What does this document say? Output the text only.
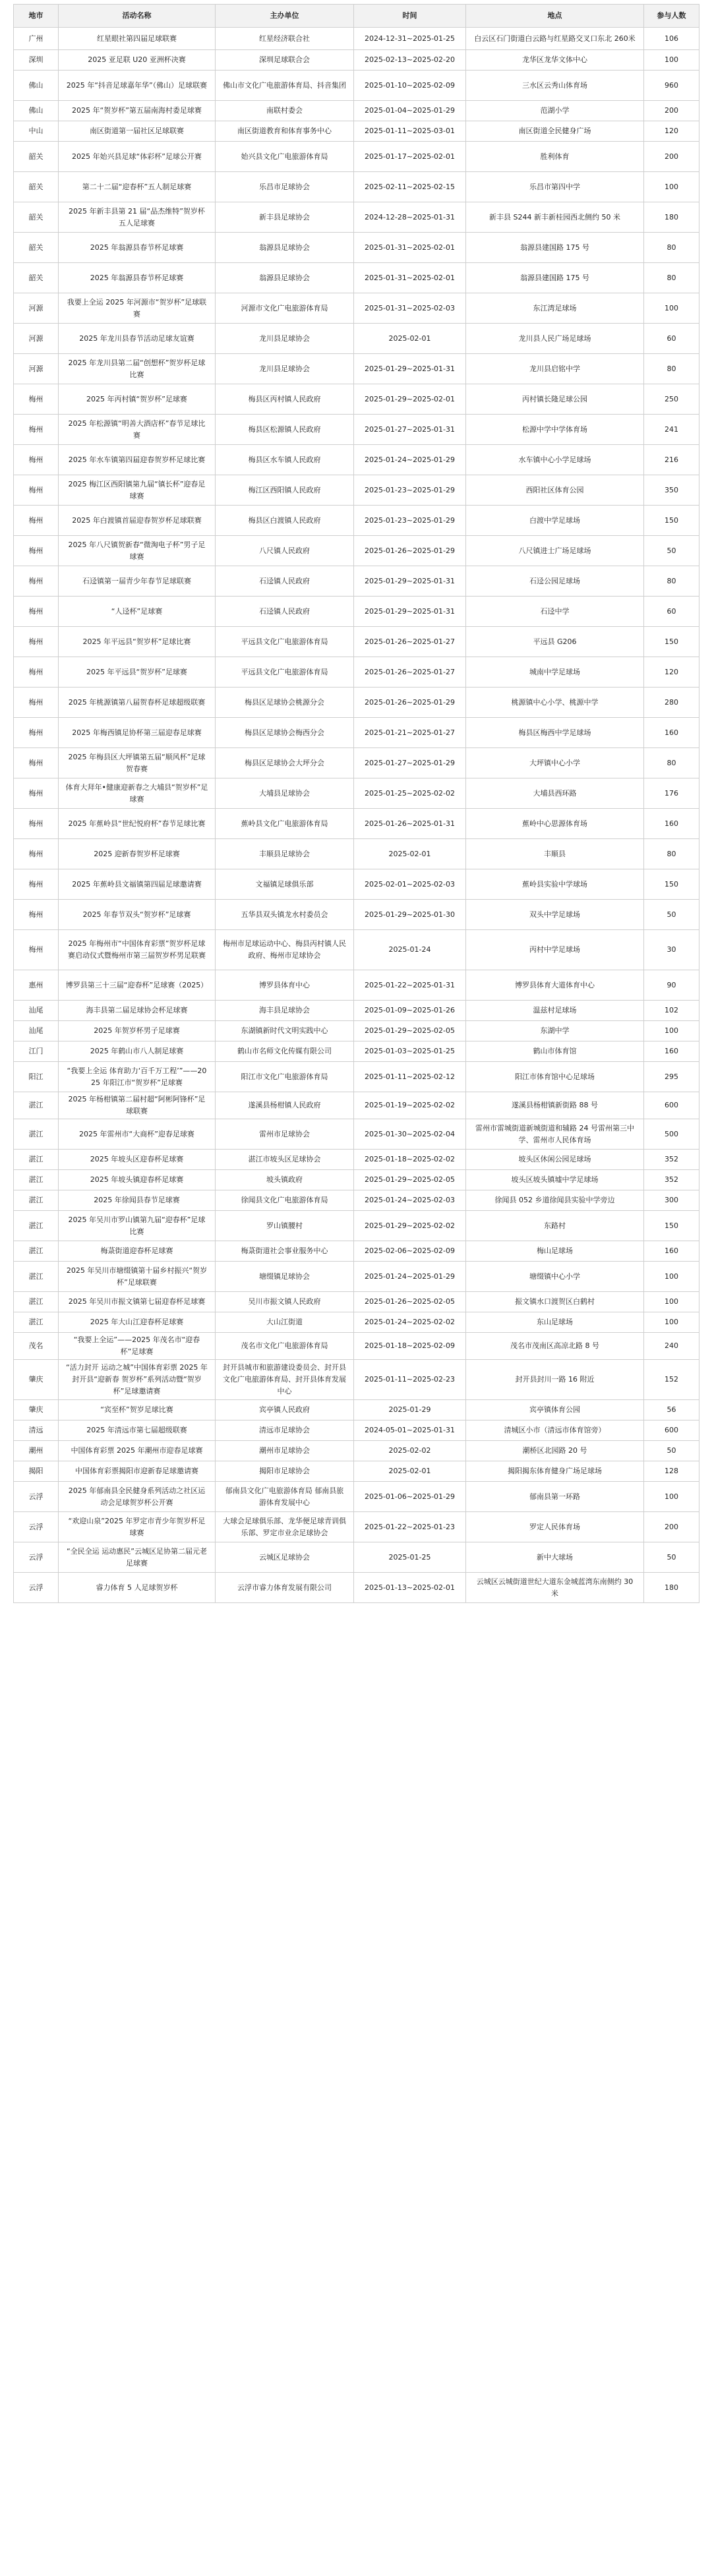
地市	活动名称	主办单位	时间	地点	参与人数
广州	红星眼社第四届足球联赛	红星经济联合社	2024-12-31~2025-01-25	白云区石门街道白云路与红星路交叉口东北 260米	106
深圳	2025 亚足联 U20 亚洲杯决赛	深圳足球联合会	2025-02-13~2025-02-20	龙华区龙华文体中心	100
佛山	2025 年“抖音足球嘉年华”（佛山）足球联赛	佛山市文化广电旅游体育局、抖音集团	2025-01-10~2025-02-09	三水区云秀山体育场	960
佛山	2025 年“贺岁杯”第五届南海村委足球赛	南联村委会	2025-01-04~2025-01-29	范湖小学	200
中山	南区街道第一届社区足球联赛	南区街道教育和体育事务中心	2025-01-11~2025-03-01	南区街道全民健身广场	120
韶关	2025 年始兴县足球“体彩杯”足球公开赛	始兴县文化广电旅游体育局	2025-01-17~2025-02-01	胜利体育	200
韶关	第二十二届“迎春杯”五人制足球赛	乐昌市足球协会	2025-02-11~2025-02-15	乐昌市第四中学	100
韶关	2025 年新丰县第 21 届“品杰维特”贺岁杯五人足球赛	新丰县足球协会	2024-12-28~2025-01-31	新丰县 S244 新丰新桂园西北侧约 50 米	180
韶关	2025 年翁源县春节杯足球赛	翁源县足球协会	2025-01-31~2025-02-01	翁源县建国路 175 号	80
韶关	2025 年翁源县春节杯足球赛	翁源县足球协会	2025-01-31~2025-02-01	翁源县建国路 175 号	80
河源	我要上全运 2025 年河源市“贺岁杯”足球联赛	河源市文化广电旅游体育局	2025-01-31~2025-02-03	东江湾足球场	100
河源	2025 年龙川县春节活动足球友谊赛	龙川县足球协会	2025-02-01	龙川县人民广场足球场	60
河源	2025 年龙川县第二届“创想杯”贺岁杯足球比赛	龙川县足球协会	2025-01-29~2025-01-31	龙川县启铭中学	80
梅州	2025 年丙村镇“贺岁杯”足球赛	梅县区丙村镇人民政府	2025-01-29~2025-02-01	丙村镇长隆足球公园	250
梅州	2025 年松源镇“明善大酒店杯”春节足球比赛	梅县区松源镇人民政府	2025-01-27~2025-01-31	松源中学中学体育场	241
梅州	2025 年水车镇第四届迎春贺岁杯足球比赛	梅县区水车镇人民政府	2025-01-24~2025-01-29	水车镇中心小学足球场	216
梅州	2025 梅江区西阳镇第九届“镇长杯”迎春足球赛	梅江区西阳镇人民政府	2025-01-23~2025-01-29	西阳社区体育公园	350
梅州	2025 年白渡镇首届迎春贺岁杯足球联赛	梅县区白渡镇人民政府	2025-01-23~2025-01-29	白渡中学足球场	150
梅州	2025 年八尺镇贺新春“微淘电子杯”男子足球赛	八尺镇人民政府	2025-01-26~2025-01-29	八尺镇进士广场足球场	50
梅州	石迳镇第一届青少年春节足球联赛	石迳镇人民政府	2025-01-29~2025-01-31	石迳公园足球场	80
梅州	“人迳杯”足球赛	石迳镇人民政府	2025-01-29~2025-01-31	石迳中学	60
梅州	2025 年平远县“贺岁杯”足球比赛	平远县文化广电旅游体育局	2025-01-26~2025-01-27	平远县 G206	150
梅州	2025 年平远县“贺岁杯”足球赛	平远县文化广电旅游体育局	2025-01-26~2025-01-27	城南中学足球场	120
梅州	2025 年桃源镇第八届贺春杯足球超级联赛	梅县区足球协会桃源分会	2025-01-26~2025-01-29	桃源镇中心小学、桃源中学	280
梅州	2025 年梅西镇足协杯第三届迎春足球赛	梅县区足球协会梅西分会	2025-01-21~2025-01-27	梅县区梅西中学足球场	160
梅州	2025 年梅县区大坪镇第五届“顺风杯”足球贺春赛	梅县区足球协会大坪分会	2025-01-27~2025-01-29	大坪镇中心小学	80
梅州	体育大拜年•健康迎新春之大埔县“贺岁杯”足球赛	大埔县足球协会	2025-01-25~2025-02-02	大埔县西环路	176
梅州	2025 年蕉岭县“世纪悦府杯”春节足球比赛	蕉岭县文化广电旅游体育局	2025-01-26~2025-01-31	蕉岭中心思源体育场	160
梅州	2025 迎新春贺岁杯足球赛	丰顺县足球协会	2025-02-01	丰顺县	80
梅州	2025 年蕉岭县文福镇第四届足球邀请赛	文福镇足球俱乐部	2025-02-01~2025-02-03	蕉岭县实验中学球场	150
梅州	2025 年春节双头“贺岁杯”足球赛	五华县双头镇龙水村委员会	2025-01-29~2025-01-30	双头中学足球场	50
梅州	2025 年梅州市“中国体育彩票”贺岁杯足球赛启动仪式暨梅州市第三届贺岁杯男足联赛	梅州市足球运动中心、梅县丙村镇人民政府、梅州市足球协会	2025-01-24	丙村中学足球场	30
惠州	博罗县第三十三届“迎春杯”足球赛（2025）	博罗县体育中心	2025-01-22~2025-01-31	博罗县体育大道体育中心	90
汕尾	海丰县第二届足球协会杯足球赛	海丰县足球协会	2025-01-09~2025-01-26	温兹村足球场	102
汕尾	2025 年贺岁杯男子足球赛	东湖镇新时代文明实践中心	2025-01-29~2025-02-05	东湖中学	100
江门	2025 年鹤山市八人制足球赛	鹤山市名师文化传媒有限公司	2025-01-03~2025-01-25	鹤山市体育馆	160
阳江	“我要上全运 体育助力‘百千万工程’”——2025 年阳江市“贺岁杯”足球赛	阳江市文化广电旅游体育局	2025-01-11~2025-02-12	阳江市体育馆中心足球场	295
湛江	2025 年杨柑镇第二届村超“阿彬阿锋杯”足球联赛	遂溪县杨柑镇人民政府	2025-01-19~2025-02-02	遂溪县杨柑镇新街路 88 号	600
湛江	2025 年雷州市“大商杯”迎春足球赛	雷州市足球协会	2025-01-30~2025-02-04	雷州市雷城街道新城街道和辅路 24 号雷州第三中学、雷州市人民体育场	500
湛江	2025 年坡头区迎春杯足球赛	湛江市坡头区足球协会	2025-01-18~2025-02-02	坡头区休闲公园足球场	352
湛江	2025 年坡头镇迎春杯足球赛	坡头镇政府	2025-01-29~2025-02-05	坡头区坡头镇墟中学足球场	352
湛江	2025 年徐闻县春节足球赛	徐闻县文化广电旅游体育局	2025-01-24~2025-02-03	徐闻县 052 乡道徐闻县实验中学旁边	300
湛江	2025 年吴川市罗山镇第九届“迎春杯”足球比赛	罗山镇腰村	2025-01-29~2025-02-02	东路村	150
湛江	梅菉街道迎春杯足球赛	梅菉街道社会事业服务中心	2025-02-06~2025-02-09	梅山足球场	160
湛江	2025 年吴川市塘缀镇第十届乡村振兴“贺岁杯”足球联赛	塘缀镇足球协会	2025-01-24~2025-01-29	塘缀镇中心小学	100
湛江	2025 年吴川市振文镇第七届迎春杯足球赛	吴川市振文镇人民政府	2025-01-26~2025-02-05	振文镇水口渡贺区白鹤村	100
湛江	2025 年大山江迎春杯足球赛	大山江街道	2025-01-24~2025-02-02	东山足球场	100
茂名	“我要上全运”——2025 年茂名市“迎春杯”足球赛	茂名市文化广电旅游体育局	2025-01-18~2025-02-09	茂名市茂南区高凉北路 8 号	240
肇庆	“活力封开 运动之城”中国体育彩票 2025 年封开县“迎新春 贺岁杯”系列活动暨“贺岁杯”足球邀请赛	封开县城市和旅游建设委员会、封开县文化广电旅游体育局、封开县体育发展中心	2025-01-11~2025-02-23	封开县封川一路 16 附近	152
肇庆	“宾至杯”贺岁足球比赛	宾亭镇人民政府	2025-01-29	宾亭镇体育公园	56
清远	2025 年清远市第七届超级联赛	清远市足球协会	2024-05-01~2025-01-31	清城区小市（清远市体育馆旁）	600
潮州	中国体育彩票 2025 年潮州市迎春足球赛	潮州市足球协会	2025-02-02	潮桥区北园路 20 号	50
揭阳	中国体育彩票揭阳市迎新春足球邀请赛	揭阳市足球协会	2025-02-01	揭阳揭东体育健身广场足球场	128
云浮	2025 年郁南县全民健身系列活动之社区运动会足球贺岁杯公开赛	郁南县文化广电旅游体育局 郁南县旅游体育发展中心	2025-01-06~2025-01-29	郁南县第一环路	100
云浮	“欢迎山泉”2025 年罗定市青少年贺岁杯足球赛	大球会足球俱乐部、龙华便足球青训俱乐部、罗定市业余足球协会	2025-01-22~2025-01-23	罗定人民体育场	200
云浮	“全民全运 运动惠民”云城区足协第二届元老足球赛	云城区足球协会	2025-01-25	新中大球场	50
云浮	睿力体育 5 人足球贺岁杯	云浮市睿力体育发展有限公司	2025-01-13~2025-02-01	云城区云城街道世纪大道东金城蓝湾东南侧约 30 米	180
